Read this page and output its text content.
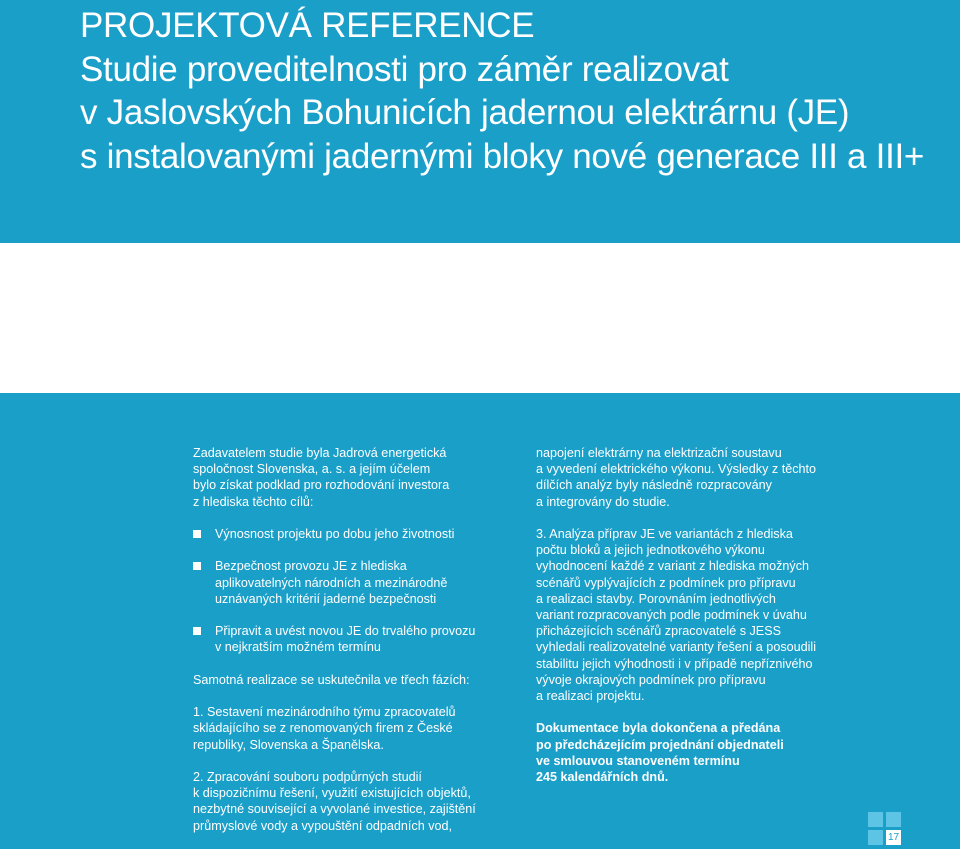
PROJEKTOVÁ REFERENCE
Studie proveditelnosti pro záměr realizovat
v Jaslovských Bohunicích jadernou elektrárnu (JE)
s instalovanými jadernými bloky nové generace III a III+
Zadavatelem studie byla Jadrová energetická
spoločnost Slovenska, a. s. a jejím účelem
bylo získat podklad pro rozhodování investora
z hlediska těchto cílů:
Výnosnost projektu po dobu jeho životnosti
Bezpečnost provozu JE z hlediska
aplikovatelných národních a mezinárodně
uznávaných kritérií jaderné bezpečnosti
Připravit a uvést novou JE do trvalého provozu
v nejkratším možném termínu
Samotná realizace se uskutečnila ve třech fázích:
1. Sestavení mezinárodního týmu zpracovatelů
skládajícího se z renomovaných firem z České
republiky, Slovenska a Španělska.
2. Zpracování souboru podpůrných studií
k dispozičnímu řešení, využití existujících objektů,
nezbytné související a vyvolané investice, zajištění
průmyslové vody a vypouštění odpadních vod,
napojení elektrárny na elektrizační soustavu
a vyvedení elektrického výkonu. Výsledky z těchto
dílčích analýz byly následně rozpracovány
a integrovány do studie.
3. Analýza příprav JE ve variantách z hlediska
počtu bloků a jejich jednotkového výkonu
vyhodnocení každé z variant z hlediska možných
scénářů vyplývajících z podmínek pro přípravu
a realizaci stavby. Porovnáním jednotlivých
variant rozpracovaných podle podmínek v úvahu
přicházejících scénářů zpracovatelé s JESS
vyhledali realizovatelné varianty řešení a posoudili
stabilitu jejich výhodnosti i v případě nepříznivého
vývoje okrajových podmínek pro přípravu
a realizaci projektu.
Dokumentace byla dokončena a předána
po předcházejícím projednání objednateli
ve smlouvou stanoveném termínu
245 kalendářních dnů.
17
